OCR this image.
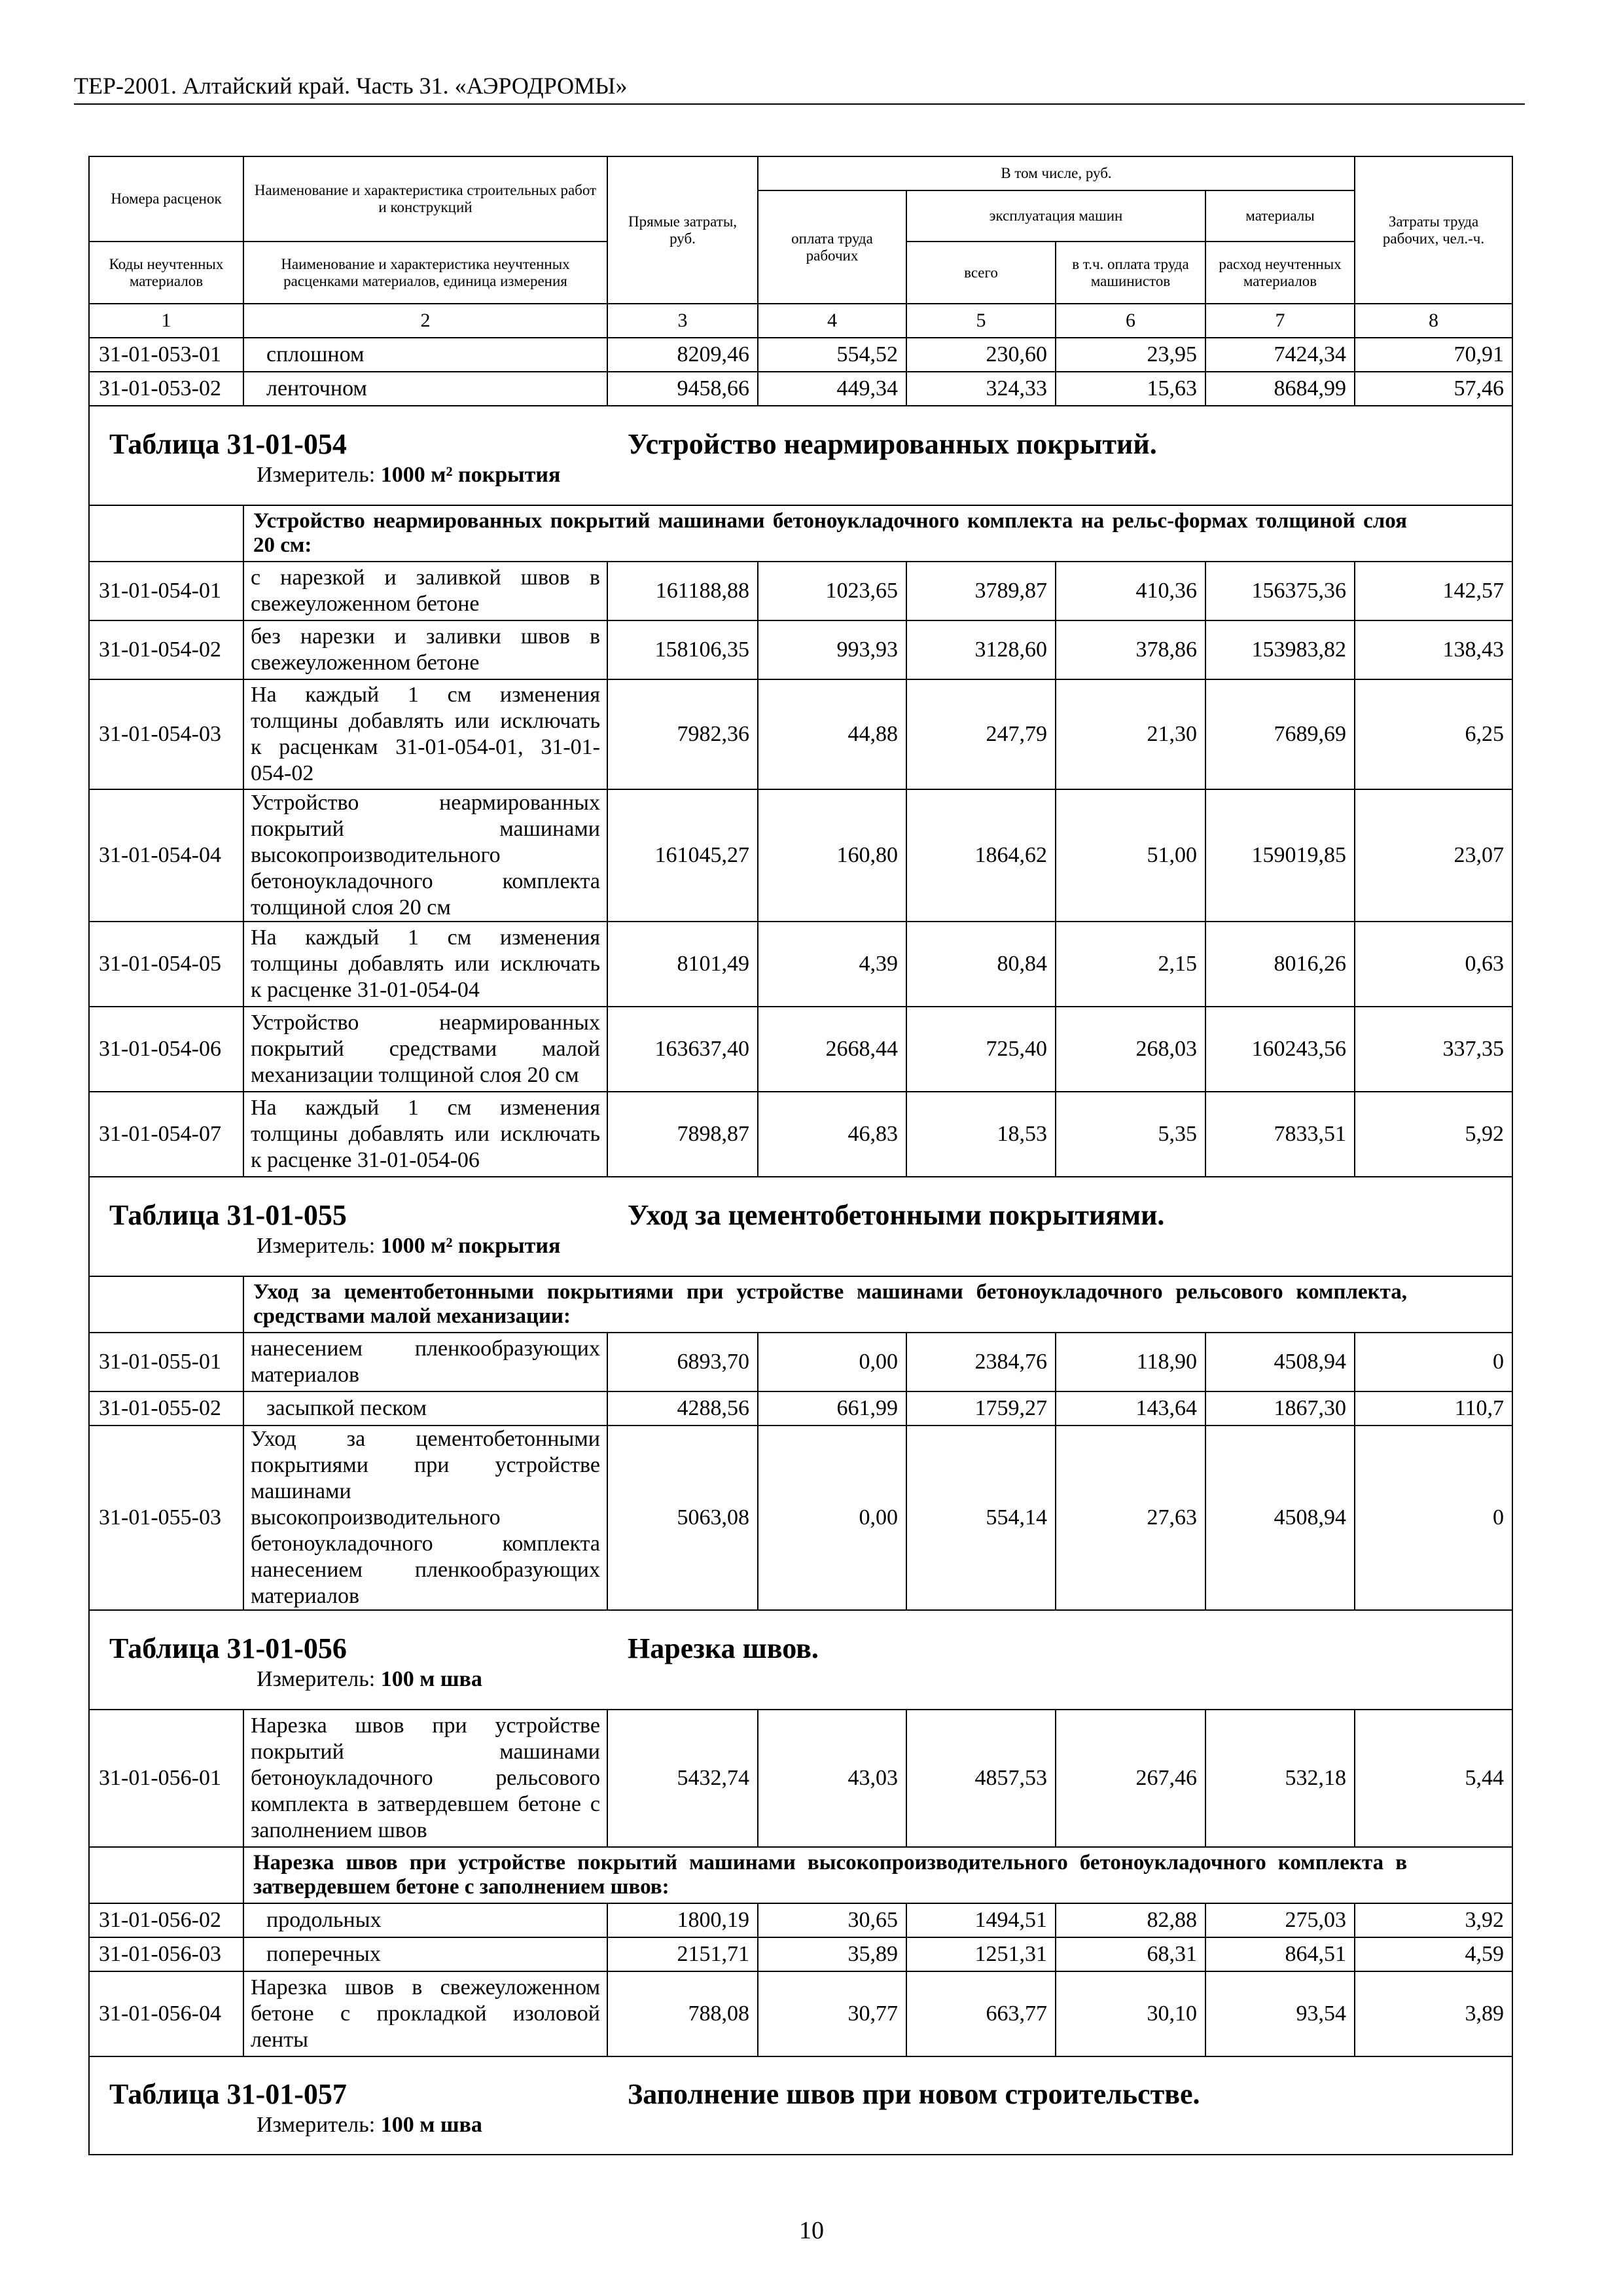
ТЕР-2001. Алтайский край. Часть 31. «АЭРОДРОМЫ»
Номера расценок	Наименование и характеристика строительных работ и конструкций	Прямые затраты, руб.	В том числе, руб.				Затраты труда рабочих, чел.-ч.
			оплата труда рабочих	эксплуатация машин		материалы	
Коды неучтенных материалов	Наименование и характеристика неучтенных расценками материалов, единица измерения			всего	в т.ч. оплата труда машинистов	расход неучтенных материалов	
1	2	3	4	5	6	7	8
31-01-053-01	сплошном	8209,46	554,52	230,60	23,95	7424,34	70,91
31-01-053-02	ленточном	9458,66	449,34	324,33	15,63	8684,99	57,46

Таблица 31-01-054 Устройство неармированных покрытий.
Измеритель: 1000 м² покрытия							

	Устройство неармированных покрытий машинами бетоноукладочного комплекта на рельс-формах толщиной слоя 20 см:						
31-01-054-01	с нарезкой и заливкой швов в свежеуложенном бетоне	161188,88	1023,65	3789,87	410,36	156375,36	142,57
31-01-054-02	без нарезки и заливки швов в свежеуложенном бетоне	158106,35	993,93	3128,60	378,86	153983,82	138,43
31-01-054-03	На каждый 1 см изменения толщины добавлять или исключать к расценкам 31-01-054-01, 31-01-054-02	7982,36	44,88	247,79	21,30	7689,69	6,25
31-01-054-04	Устройство неармированных покрытий машинами высокопроизводительного бетоноукладочного комплекта толщиной слоя 20 см	161045,27	160,80	1864,62	51,00	159019,85	23,07
31-01-054-05	На каждый 1 см изменения толщины добавлять или исключать к расценке 31-01-054-04	8101,49	4,39	80,84	2,15	8016,26	0,63
31-01-054-06	Устройство неармированных покрытий средствами малой механизации толщиной слоя 20 см	163637,40	2668,44	725,40	268,03	160243,56	337,35
31-01-054-07	На каждый 1 см изменения толщины добавлять или исключать к расценке 31-01-054-06	7898,87	46,83	18,53	5,35	7833,51	5,92

Таблица 31-01-055 Уход за цементобетонными покрытиями.
Измеритель: 1000 м² покрытия							

	Уход за цементобетонными покрытиями при устройстве машинами бетоноукладочного рельсового комплекта, средствами малой механизации:						
31-01-055-01	нанесением пленкообразующих материалов	6893,70	0,00	2384,76	118,90	4508,94	0
31-01-055-02	засыпкой песком	4288,56	661,99	1759,27	143,64	1867,30	110,7
31-01-055-03	Уход за цементобетонными покрытиями при устройстве машинами высокопроизводительного бетоноукладочного комплекта нанесением пленкообразующих материалов	5063,08	0,00	554,14	27,63	4508,94	0

Таблица 31-01-056 Нарезка швов.
Измеритель: 100 м шва							

31-01-056-01	Нарезка швов при устройстве покрытий машинами бетоноукладочного рельсового комплекта в затвердевшем бетоне с заполнением швов	5432,74	43,03	4857,53	267,46	532,18	5,44
	Нарезка швов при устройстве покрытий машинами высокопроизводительного бетоноукладочного комплекта в затвердевшем бетоне с заполнением швов:						
31-01-056-02	продольных	1800,19	30,65	1494,51	82,88	275,03	3,92
31-01-056-03	поперечных	2151,71	35,89	1251,31	68,31	864,51	4,59
31-01-056-04	Нарезка швов в свежеуложенном бетоне с прокладкой изоловой ленты	788,08	30,77	663,77	30,10	93,54	3,89

Таблица 31-01-057 Заполнение швов при новом строительстве.
Измеритель: 100 м шва							
10
